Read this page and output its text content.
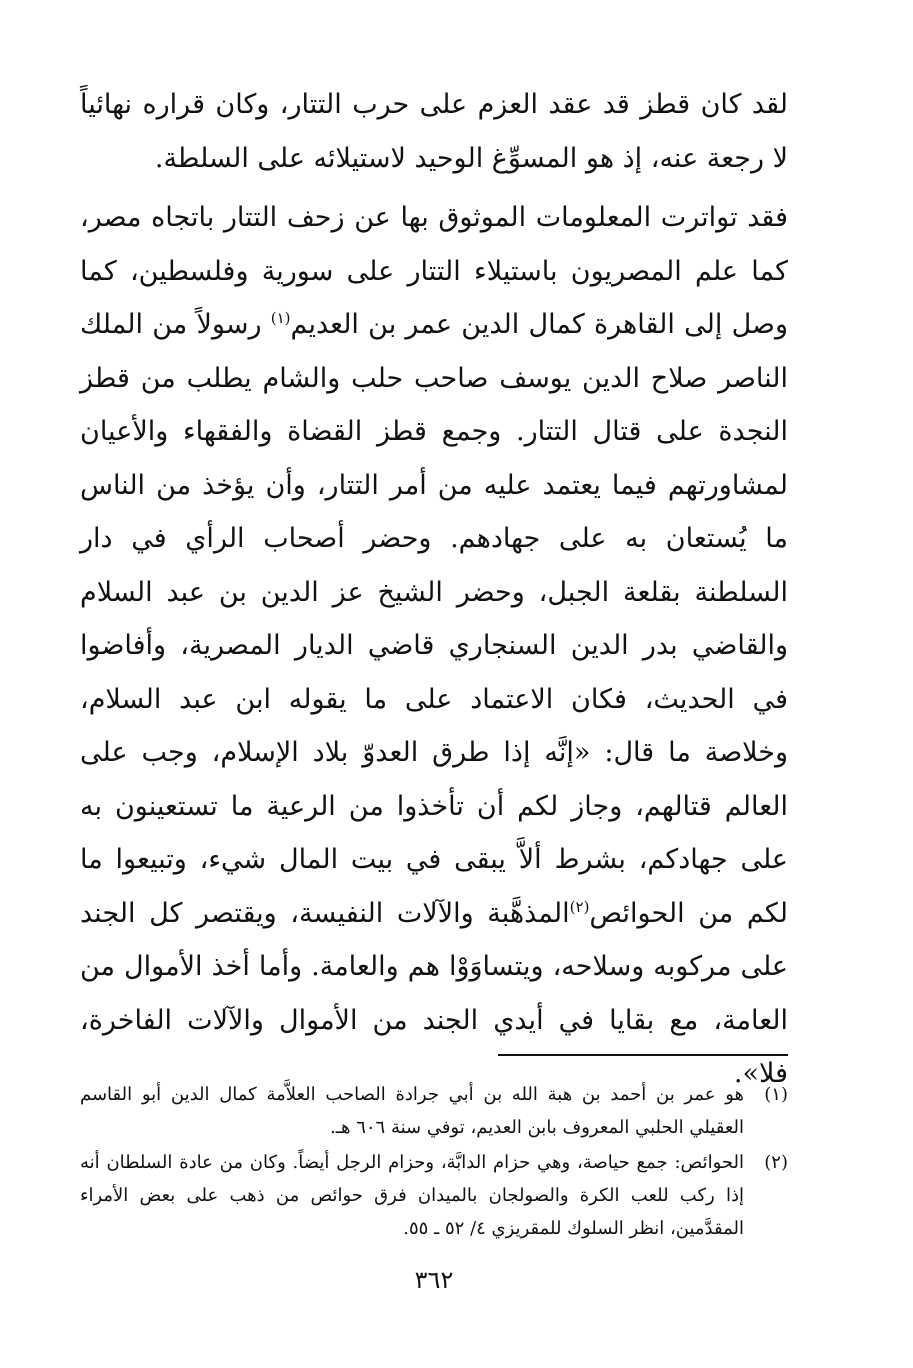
لقد كان قطز قد عقد العزم على حرب التتار، وكان قراره نهائياً لا رجعة عنه، إذ هو المسوِّغ الوحيد لاستيلائه على السلطة.

فقد تواترت المعلومات الموثوق بها عن زحف التتار باتجاه مصر، كما علم المصريون باستيلاء التتار على سورية وفلسطين، كما وصل إلى القاهرة كمال الدين عمر بن العديم$^{(١)}$ رسولاً من الملك الناصر صلاح الدين يوسف صاحب حلب والشام يطلب من قطز النجدة على قتال التتار. وجمع قطز القضاة والفقهاء والأعيان لمشاورتهم فيما يعتمد عليه من أمر التتار، وأن يؤخذ من الناس ما يُستعان به على جهادهم. وحضر أصحاب الرأي في دار السلطنة بقلعة الجبل، وحضر الشيخ عز الدين بن عبد السلام والقاضي بدر الدين السنجاري قاضي الديار المصرية، وأفاضوا في الحديث، فكان الاعتماد على ما يقوله ابن عبد السلام، وخلاصة ما قال: «إنَّه إذا طرق العدوّ بلاد الإسلام، وجب على العالم قتالهم، وجاز لكم أن تأخذوا من الرعية ما تستعينون به على جهادكم، بشرط ألاَّ يبقى في بيت المال شيء، وتبيعوا ما لكم من الحوائص$^{(٢)}$المذهَّبة والآلات النفيسة، ويقتصر كل الجند على مركوبه وسلاحه، ويتساوَوْا هم والعامة. وأما أخذ الأموال من العامة، مع بقايا في أيدي الجند من الأموال والآلات الفاخرة، فلا».

(١)
هو عمر بن أحمد بن هبة الله بن أبي جرادة الصاحب العلاَّمة كمال الدين أبو القاسم العقيلي الحلبي المعروف بابن العديم، توفي سنة ٦٠٦ هـ.
(٢)
الحوائص: جمع حياصة، وهي حزام الدابَّة، وحزام الرجل أيضاً. وكان من عادة السلطان أنه إذا ركب للعب الكرة والصولجان بالميدان فرق حوائص من ذهب على بعض الأمراء المقدَّمين، انظر السلوك للمقريزي ٤/ ٥٢ ـ ٥٥.
٣٦٢
